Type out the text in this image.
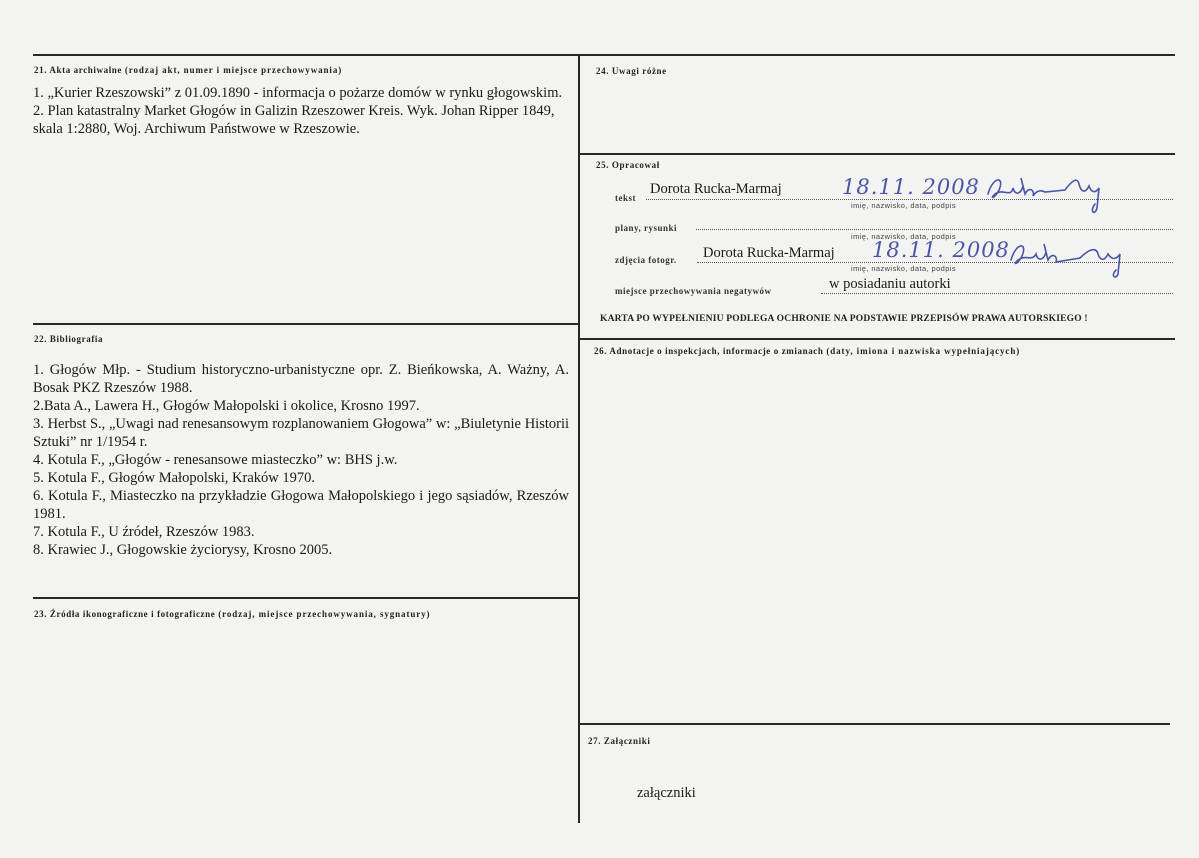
21. Akta archiwalne (rodzaj akt, numer i miejsce przechowywania)
1. „Kurier Rzeszowski” z 01.09.1890 - informacja o pożarze domów w rynku głogowskim.
2. Plan katastralny Market Głogów in Galizin Rzeszower Kreis. Wyk. Johan Ripper 1849, skala 1:2880, Woj. Archiwum Państwowe w Rzeszowie.
22. Bibliografia
1. Głogów Młp. - Studium historyczno-urbanistyczne opr. Z. Bieńkowska, A. Ważny, A. Bosak PKZ Rzeszów 1988.
2.Bata A., Lawera H., Głogów Małopolski i okolice, Krosno 1997.
3. Herbst S., „Uwagi nad renesansowym rozplanowaniem Głogowa” w: „Biuletynie Historii Sztuki” nr 1/1954 r.
4. Kotula F., „Głogów - renesansowe miasteczko” w: BHS j.w.
5. Kotula F., Głogów Małopolski, Kraków 1970.
6. Kotula F., Miasteczko na przykładzie Głogowa Małopolskiego i jego sąsiadów, Rzeszów 1981.
7. Kotula F., U źródeł, Rzeszów 1983.
8. Krawiec J., Głogowskie życiorysy, Krosno 2005.
23. Źródła ikonograficzne i fotograficzne (rodzaj, miejsce przechowywania, sygnatury)
24. Uwagi różne
25. Opracował
tekst
Dorota Rucka-Marmaj	18.11. 2008
imię, nazwisko, data, podpis
plany, rysunki
imię, nazwisko, data, podpis
zdjęcia fotogr. Dorota Rucka-Marmaj 18.11. 2008
imię, nazwisko, data, podpis
miejsce przechowywania negatywów	w posiadaniu autorki
KARTA PO WYPEŁNIENIU PODLEGA OCHRONIE NA PODSTAWIE PRZEPISÓW PRAWA AUTORSKIEGO !
26. Adnotacje o inspekcjach, informacje o zmianach (daty, imiona i nazwiska wypełniających)
27. Załączniki
załączniki
